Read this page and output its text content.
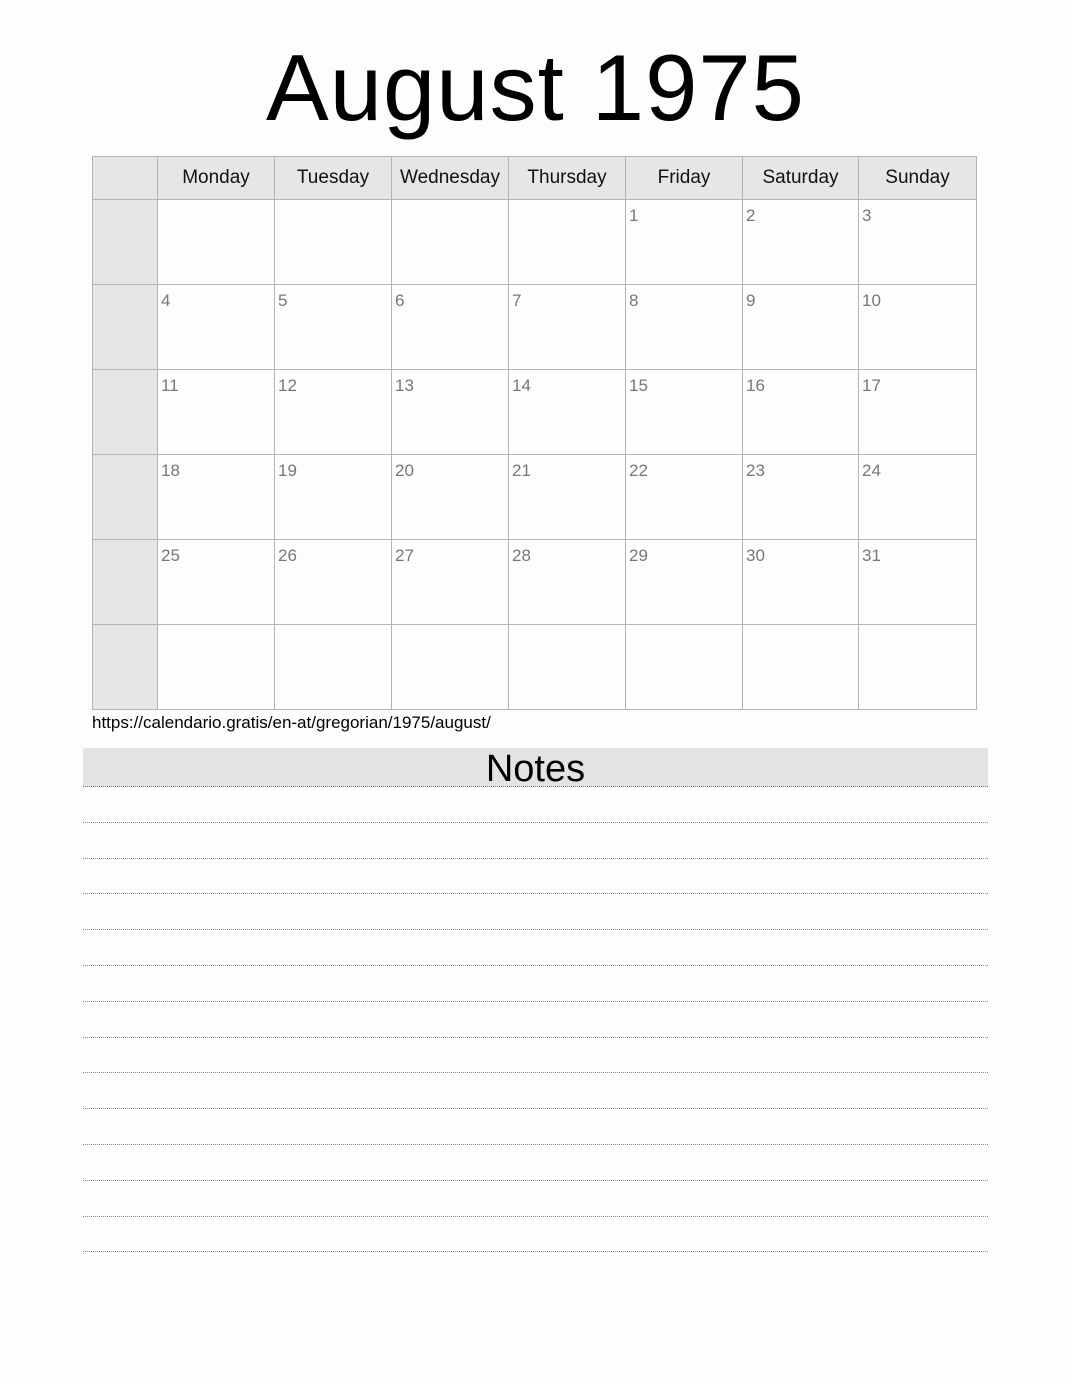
August 1975
	Monday	Tuesday	Wednesday	Thursday	Friday	Saturday	Sunday

					1	2	3

	4	5	6	7	8	9	10

	11	12	13	14	15	16	17

	18	19	20	21	22	23	24

	25	26	27	28	29	30	31

https://calendario.gratis/en-at/gregorian/1975/august/
Notes
